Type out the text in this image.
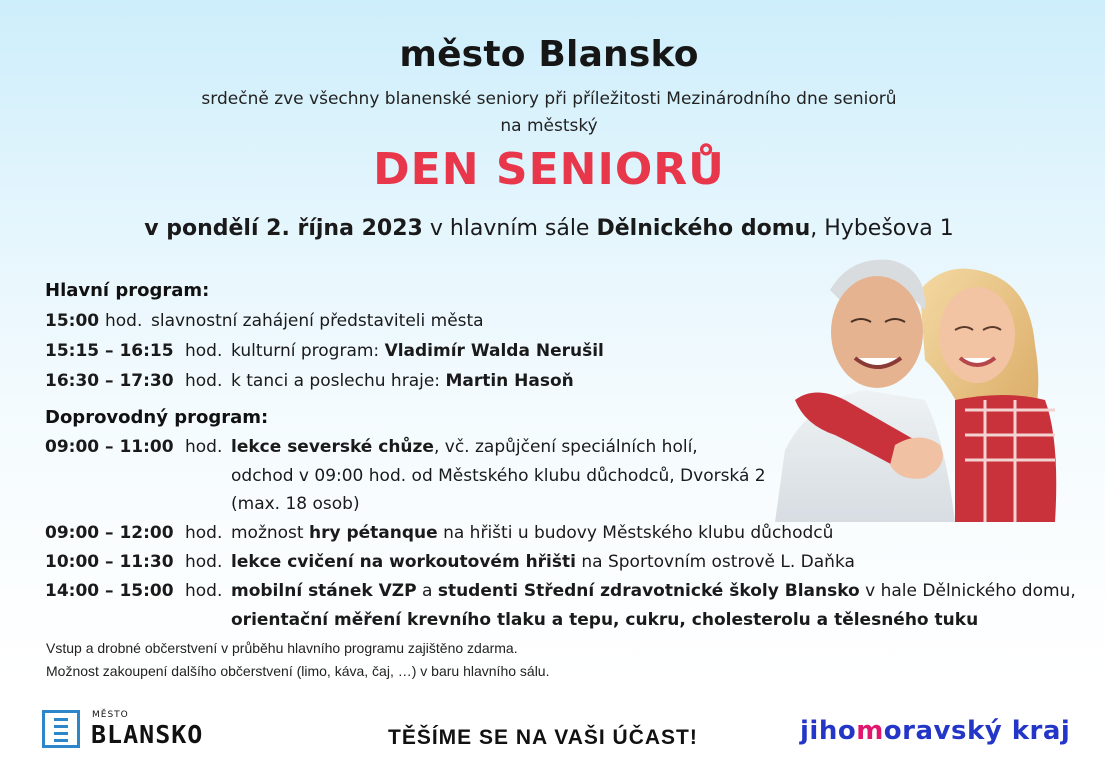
město Blansko
srdečně zve všechny blanenské seniory při příležitosti Mezinárodního dne seniorů
na městský
DEN SENIORŮ
v pondělí 2. října 2023 v hlavním sále Dělnického domu, Hybešova 1
Hlavní program:
15:00 hod. slavnostní zahájení představiteli města
15:15 – 16:15 hod. kulturní program: Vladimír Walda Nerušil
16:30 – 17:30 hod. k tanci a poslechu hraje: Martin Hasoň
Doprovodný program:
09:00 – 11:00 hod. lekce severské chůze, vč. zapůjčení speciálních holí,
odchod v 09:00 hod. od Městského klubu důchodců, Dvorská 2
(max. 18 osob)
09:00 – 12:00 hod. možnost hry pétanque na hřišti u budovy Městského klubu důchodců
10:00 – 11:30 hod. lekce cvičení na workoutovém hřišti na Sportovním ostrově L. Daňka
14:00 – 15:00 hod. mobilní stánek VZP a studenti Střední zdravotnické školy Blansko v hale Dělnického domu,
orientační měření krevního tlaku a tepu, cukru, cholesterolu a tělesného tuku
Vstup a drobné občerstvení v průběhu hlavního programu zajištěno zdarma.
Možnost zakoupení dalšího občerstvení (limo, káva, čaj, …) v baru hlavního sálu.
MĚSTO
BLANSKO	TĚŠÍME SE NA VAŠI ÚČAST!	jihomoravský kraj
